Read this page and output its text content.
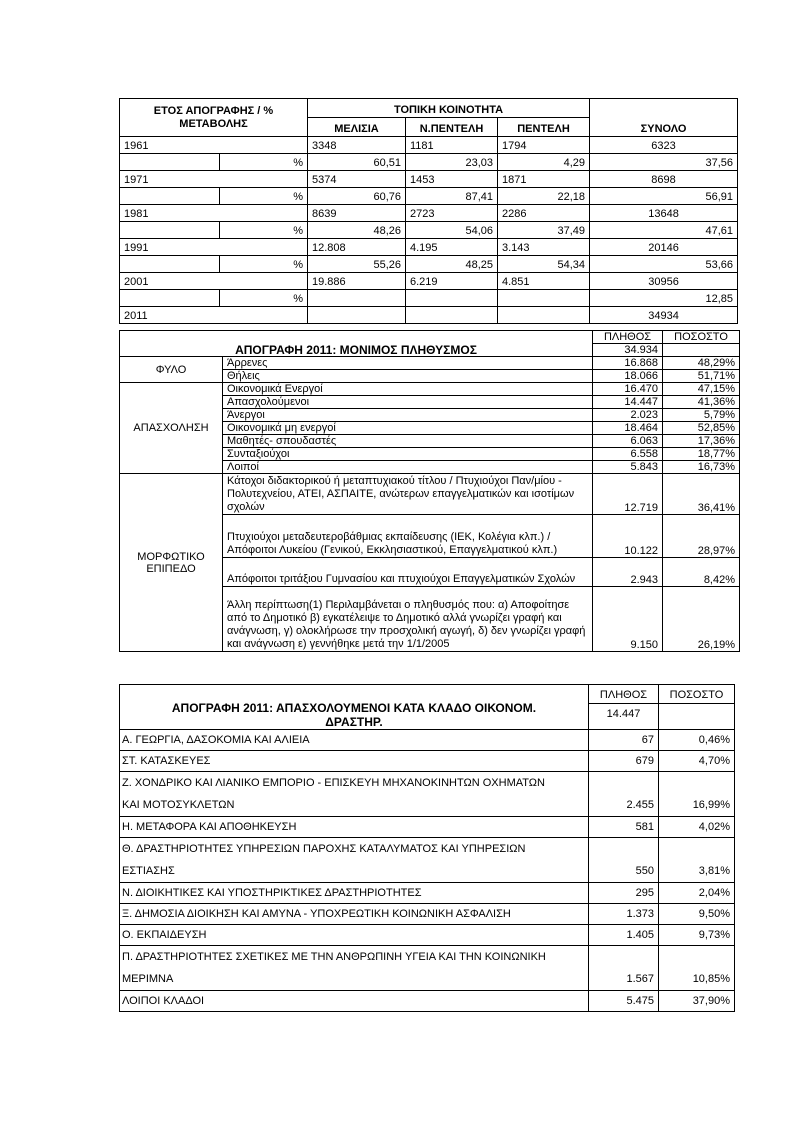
ΕΤΟΣ ΑΠΟΓΡΑΦΗΣ / % ΜΕΤΑΒΟΛΗΣ		ΤΟΠΙΚΗ ΚΟΙΝΟΤΗΤΑ			ΣΥΝΟΛΟ
		ΜΕΛΙΣΙΑ	Ν.ΠΕΝΤΕΛΗ	ΠΕΝΤΕΛΗ	
1961		3348	1181	1794	6323
	%	60,51	23,03	4,29	37,56
1971		5374	1453	1871	8698
	%	60,76	87,41	22,18	56,91
1981		8639	2723	2286	13648
	%	48,26	54,06	37,49	47,61
1991		12.808	4.195	3.143	20146
	%	55,26	48,25	54,34	53,66
2001		19.886	6.219	4.851	30956
	%				12,85
2011					34934
ΑΠΟΓΡΑΦΗ 2011: ΜΟΝΙΜΟΣ ΠΛΗΘΥΣΜΟΣ		ΠΛΗΘΟΣ	ΠΟΣΟΣΤΟ
		34.934	
ΦΥΛΟ	Άρρενες	16.868	48,29%
	Θήλεις	18.066	51,71%
ΑΠΑΣΧΟΛΗΣΗ	Οικονομικά Ενεργοί	16.470	47,15%
	Απασχολούμενοι	14.447	41,36%
	Άνεργοι	2.023	5,79%
	Οικονομικά μη ενεργοί	18.464	52,85%
	Μαθητές- σπουδαστές	6.063	17,36%
	Συνταξιούχοι	6.558	18,77%
	Λοιποί	5.843	16,73%
ΜΟΡΦΩΤΙΚΟ ΕΠΙΠΕΔΟ	Κάτοχοι διδακτορικού ή μεταπτυχιακού τίτλου / Πτυχιούχοι Παν/μίου - Πολυτεχνείου, ΑΤΕΙ, ΑΣΠΑΙΤΕ, ανώτερων επαγγελματικών και ισοτίμων σχολών	12.719	36,41%
	Πτυχιούχοι μεταδευτεροβάθμιας εκπαίδευσης (ΙΕΚ, Κολέγια κλπ.) / Απόφοιτοι Λυκείου (Γενικού, Εκκλησιαστικού, Επαγγελματικού κλπ.)	10.122	28,97%
	Απόφοιτοι τριτάξιου Γυμνασίου και πτυχιούχοι Επαγγελματικών Σχολών	2.943	8,42%
	Άλλη περίπτωση(1) Περιλαμβάνεται ο πληθυσμός που: α) Αποφοίτησε από το Δημοτικό β) εγκατέλειψε το Δημοτικό αλλά γνωρίζει γραφή και ανάγνωση, γ) ολοκλήρωσε την προσχολική αγωγή, δ) δεν γνωρίζει γραφή και ανάγνωση ε) γεννήθηκε μετά την 1/1/2005	9.150	26,19%
ΑΠΟΓΡΑΦΗ 2011: ΑΠΑΣΧΟΛΟΥΜΕΝΟΙ ΚΑΤΑ ΚΛΑΔΟ ΟΙΚΟΝΟΜ. ΔΡΑΣΤΗΡ.	ΠΛΗΘΟΣ	ΠΟΣΟΣΤΟ
	14.447	

Α. ΓΕΩΡΓΙΑ, ΔΑΣΟΚΟΜΙΑ ΚΑΙ ΑΛΙΕΙΑ	67	0,46%

ΣΤ. ΚΑΤΑΣΚΕΥΕΣ	679	4,70%

Ζ. ΧΟΝΔΡΙΚΟ ΚΑΙ ΛΙΑΝΙΚΟ ΕΜΠΟΡΙΟ - ΕΠΙΣΚΕΥΗ ΜΗΧΑΝΟΚΙΝΗΤΩΝ ΟΧΗΜΑΤΩΝ
ΚΑΙ ΜΟΤΟΣΥΚΛΕΤΩΝ	2.455	16,99%

Η. ΜΕΤΑΦΟΡΑ ΚΑΙ ΑΠΟΘΗΚΕΥΣΗ	581	4,02%

Θ. ΔΡΑΣΤΗΡΙΟΤΗΤΕΣ ΥΠΗΡΕΣΙΩΝ ΠΑΡΟΧΗΣ ΚΑΤΑΛΥΜΑΤΟΣ ΚΑΙ ΥΠΗΡΕΣΙΩΝ
ΕΣΤΙΑΣΗΣ	550	3,81%

Ν. ΔΙΟΙΚΗΤΙΚΕΣ ΚΑΙ ΥΠΟΣΤΗΡΙΚΤΙΚΕΣ ΔΡΑΣΤΗΡΙΟΤΗΤΕΣ	295	2,04%

Ξ. ΔΗΜΟΣΙΑ ΔΙΟΙΚΗΣΗ ΚΑΙ ΑΜΥΝΑ - ΥΠΟΧΡΕΩΤΙΚΗ ΚΟΙΝΩΝΙΚΗ ΑΣΦΑΛΙΣΗ	1.373	9,50%

Ο. ΕΚΠΑΙΔΕΥΣΗ	1.405	9,73%

Π. ΔΡΑΣΤΗΡΙΟΤΗΤΕΣ ΣΧΕΤΙΚΕΣ ΜΕ ΤΗΝ ΑΝΘΡΩΠΙΝΗ ΥΓΕΙΑ ΚΑΙ ΤΗΝ ΚΟΙΝΩΝΙΚΗ
ΜΕΡΙΜΝΑ	1.567	10,85%

ΛΟΙΠΟΙ ΚΛΑΔΟΙ	5.475	37,90%
